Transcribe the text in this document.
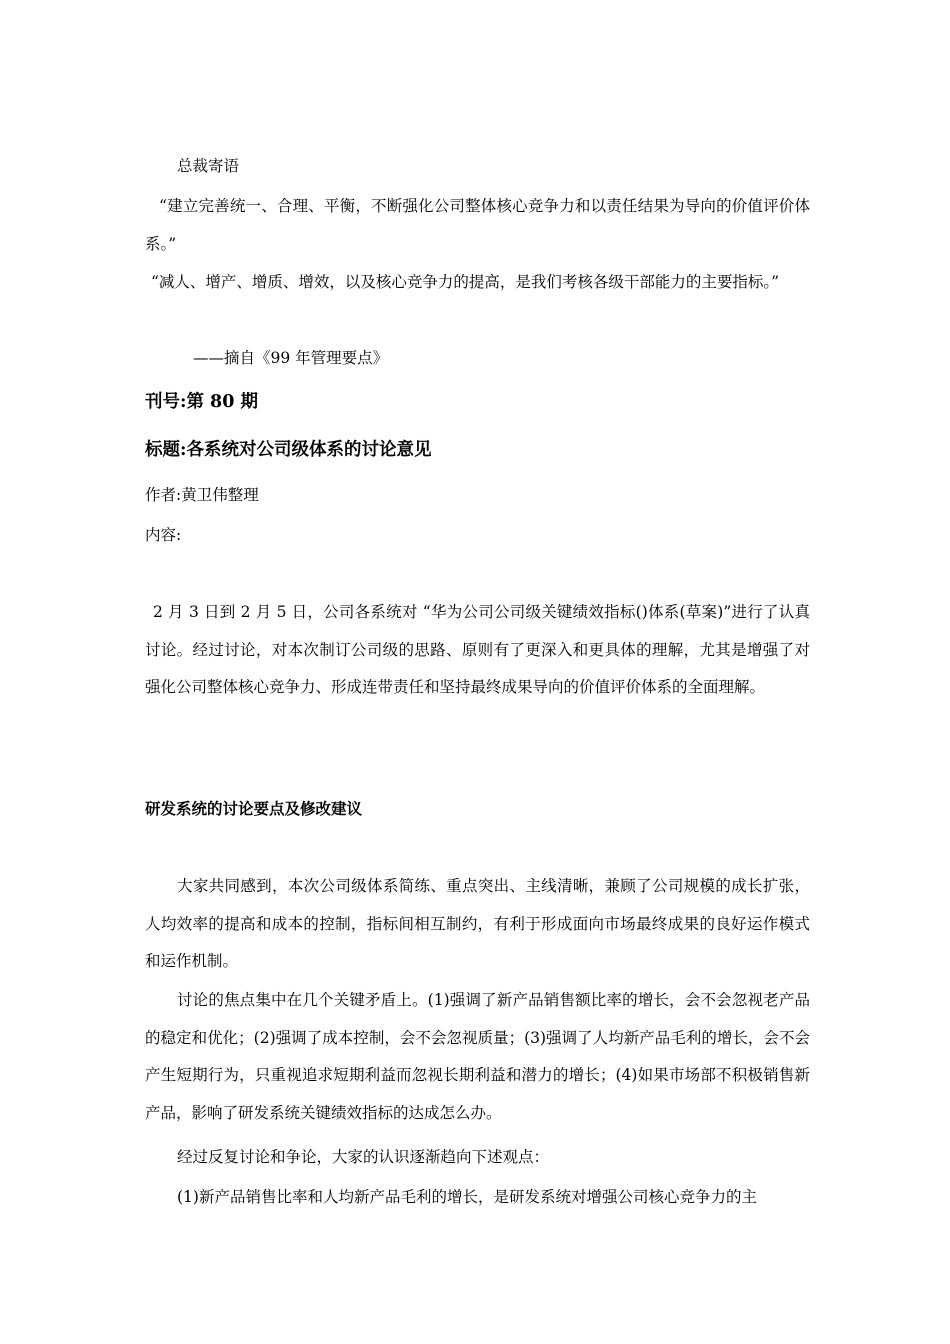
总裁寄语

“建立完善统一、合理、平衡，不断强化公司整体核心竞争力和以责任结果为导向的价值评价体系。”

“减人、增产、增质、增效，以及核心竞争力的提高，是我们考核各级干部能力的主要指标。”

——摘自《99 年管理要点》

刊号:第 80 期

标题:各系统对公司级体系的讨论意见

作者:黄卫伟整理

内容:

2 月 3 日到 2 月 5 日，公司各系统对 “华为公司公司级关键绩效指标()体系(草案)”进行了认真讨论。经过讨论，对本次制订公司级的思路、原则有了更深入和更具体的理解，尤其是增强了对强化公司整体核心竞争力、形成连带责任和坚持最终成果导向的价值评价体系的全面理解。

研发系统的讨论要点及修改建议

大家共同感到，本次公司级体系简练、重点突出、主线清晰，兼顾了公司规模的成长扩张，人均效率的提高和成本的控制，指标间相互制约，有利于形成面向市场最终成果的良好运作模式和运作机制。

讨论的焦点集中在几个关键矛盾上。(1)强调了新产品销售额比率的增长，会不会忽视老产品的稳定和优化；(2)强调了成本控制，会不会忽视质量；(3)强调了人均新产品毛利的增长，会不会产生短期行为，只重视追求短期利益而忽视长期利益和潜力的增长；(4)如果市场部不积极销售新产品，影响了研发系统关键绩效指标的达成怎么办。

经过反复讨论和争论，大家的认识逐渐趋向下述观点：

(1)新产品销售比率和人均新产品毛利的增长，是研发系统对增强公司核心竞争力的主
